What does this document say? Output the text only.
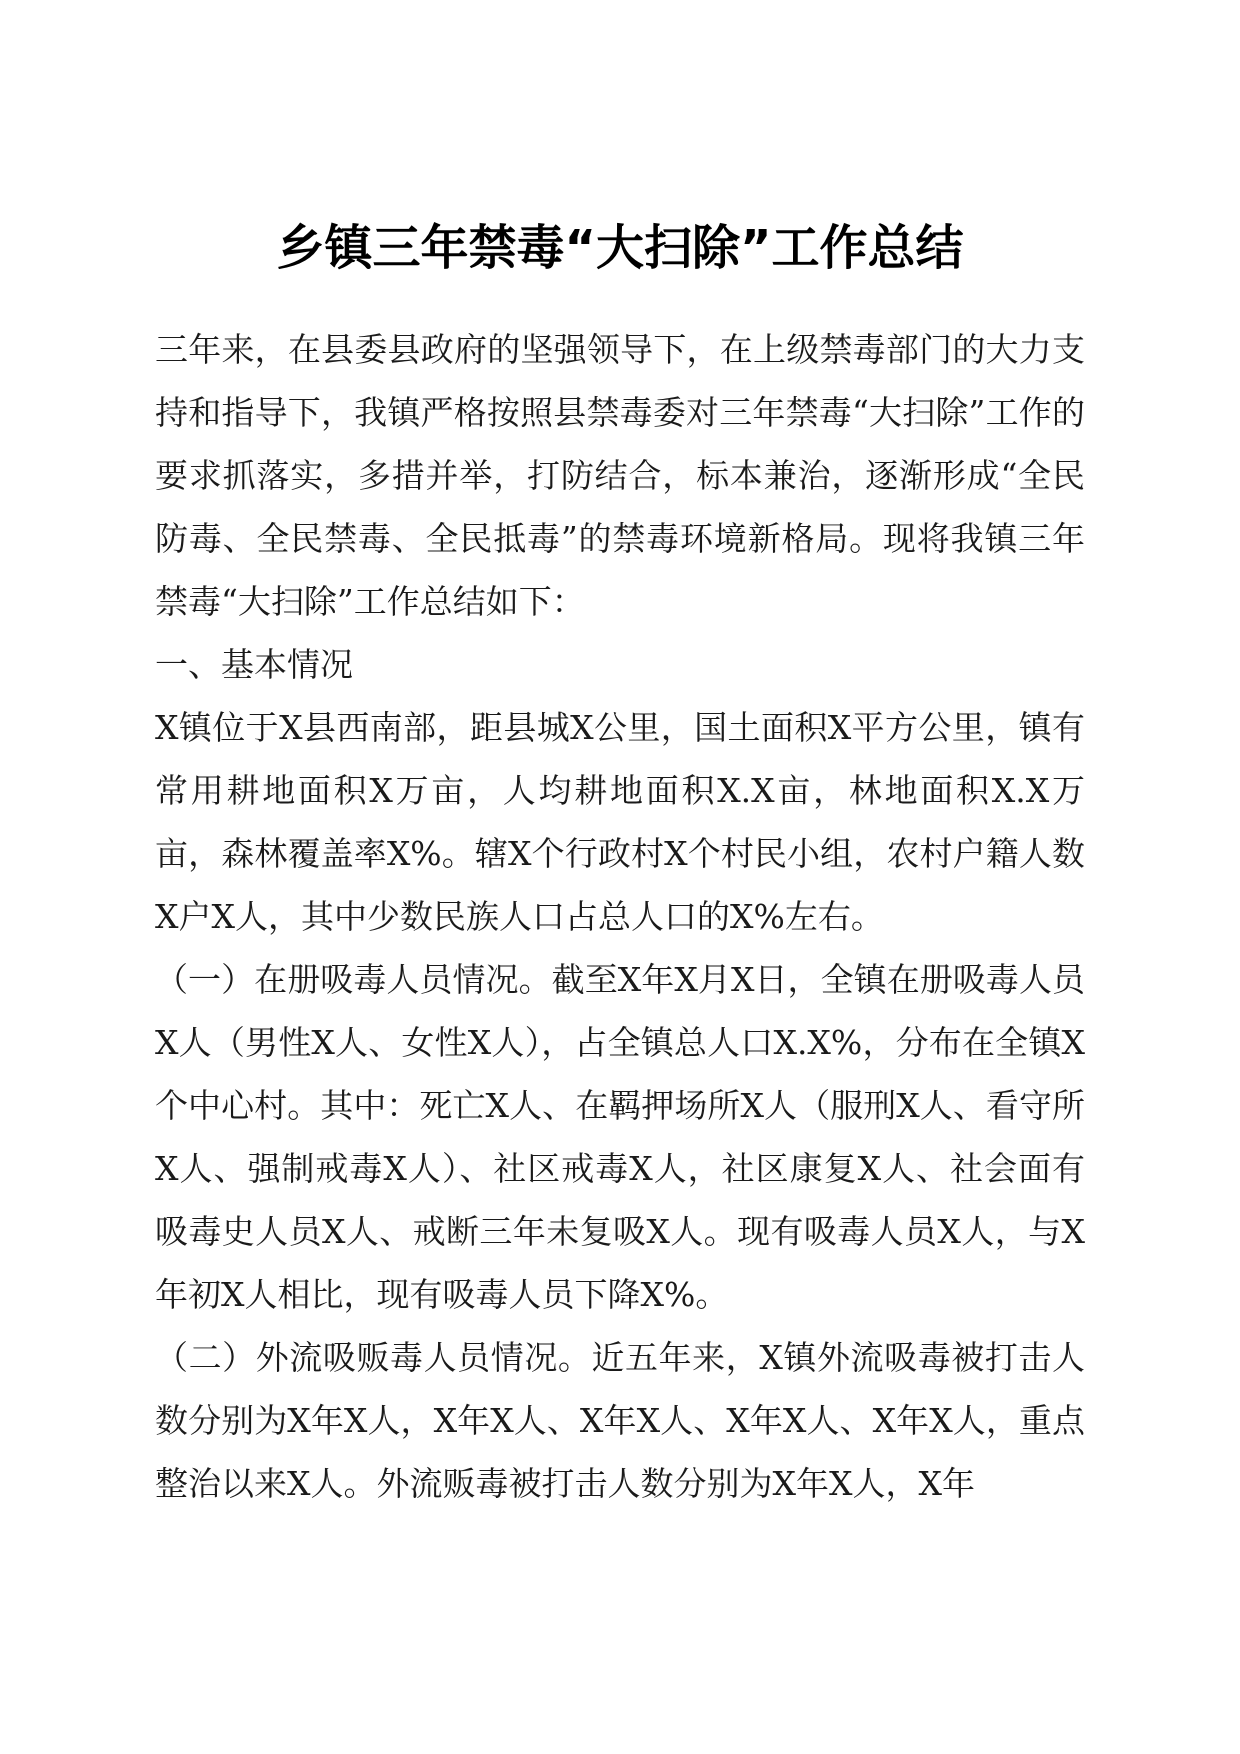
乡镇三年禁毒“大扫除”工作总结

三年来，在县委县政府的坚强领导下，在上级禁毒部门的大力支持和指导下，我镇严格按照县禁毒委对三年禁毒“大扫除”工作的要求抓落实，多措并举，打防结合，标本兼治，逐渐形成“全民防毒、全民禁毒、全民抵毒”的禁毒环境新格局。现将我镇三年禁毒“大扫除”工作总结如下：

一、基本情况

X镇位于X县西南部，距县城X公里，国土面积X平方公里，镇有常用耕地面积X万亩，人均耕地面积X.X亩，林地面积X.X万亩，森林覆盖率X%。辖X个行政村X个村民小组，农村户籍人数X户X人，其中少数民族人口占总人口的X%左右。

（一）在册吸毒人员情况。截至X年X月X日，全镇在册吸毒人员X人（男性X人、女性X人），占全镇总人口X.X%，分布在全镇X个中心村。其中：死亡X人、在羁押场所X人（服刑X人、看守所X人、强制戒毒X人）、社区戒毒X人，社区康复X人、社会面有吸毒史人员X人、戒断三年未复吸X人。现有吸毒人员X人，与X年初X人相比，现有吸毒人员下降X%。

（二）外流吸贩毒人员情况。近五年来，X镇外流吸毒被打击人数分别为X年X人，X年X人、X年X人、X年X人、X年X人，重点整治以来X人。外流贩毒被打击人数分别为X年X人，X年
